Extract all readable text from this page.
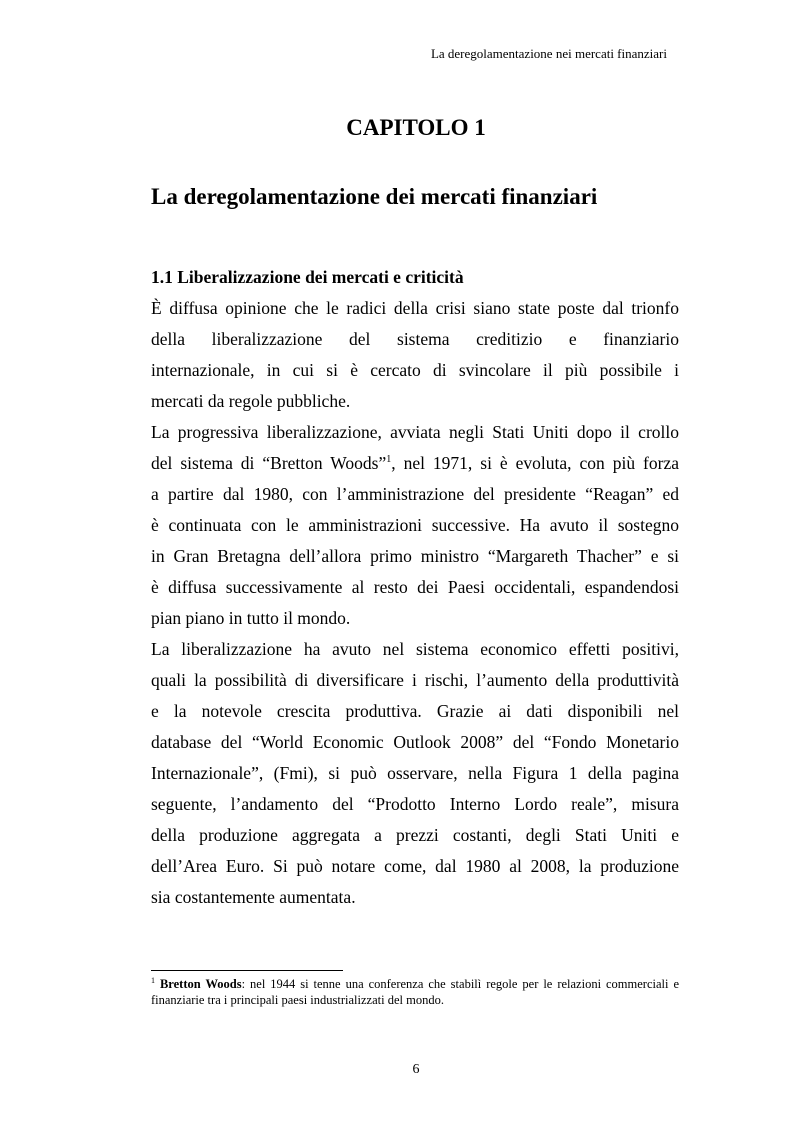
La deregolamentazione nei mercati finanziari
CAPITOLO 1
La deregolamentazione dei mercati finanziari
1.1 Liberalizzazione dei mercati e criticità

È diffusa opinione che le radici della crisi siano state poste dal trionfo
della liberalizzazione del sistema creditizio e finanziario
internazionale, in cui si è cercato di svincolare il più possibile i
mercati da regole pubbliche.

La progressiva liberalizzazione, avviata negli Stati Uniti dopo il crollo
del sistema di “Bretton Woods”$^1$, nel 1971, si è evoluta, con più forza
a partire dal 1980, con l’amministrazione del presidente “Reagan” ed
è continuata con le amministrazioni successive. Ha avuto il sostegno
in Gran Bretagna dell’allora primo ministro “Margareth Thacher” e si
è diffusa successivamente al resto dei Paesi occidentali, espandendosi
pian piano in tutto il mondo.

La liberalizzazione ha avuto nel sistema economico effetti positivi,
quali la possibilità di diversificare i rischi, l’aumento della produttività
e la notevole crescita produttiva. Grazie ai dati disponibili nel
database del “World Economic Outlook 2008” del “Fondo Monetario
Internazionale”, (Fmi), si può osservare, nella Figura 1 della pagina
seguente, l’andamento del “Prodotto Interno Lordo reale”, misura
della produzione aggregata a prezzi costanti, degli Stati Uniti e
dell’Area Euro. Si può notare come, dal 1980 al 2008, la produzione
sia costantemente aumentata.

$^1$ Bretton Woods: nel 1944 si tenne una conferenza che stabilì regole per le relazioni commerciali e finanziarie tra i principali paesi industrializzati del mondo.
6
